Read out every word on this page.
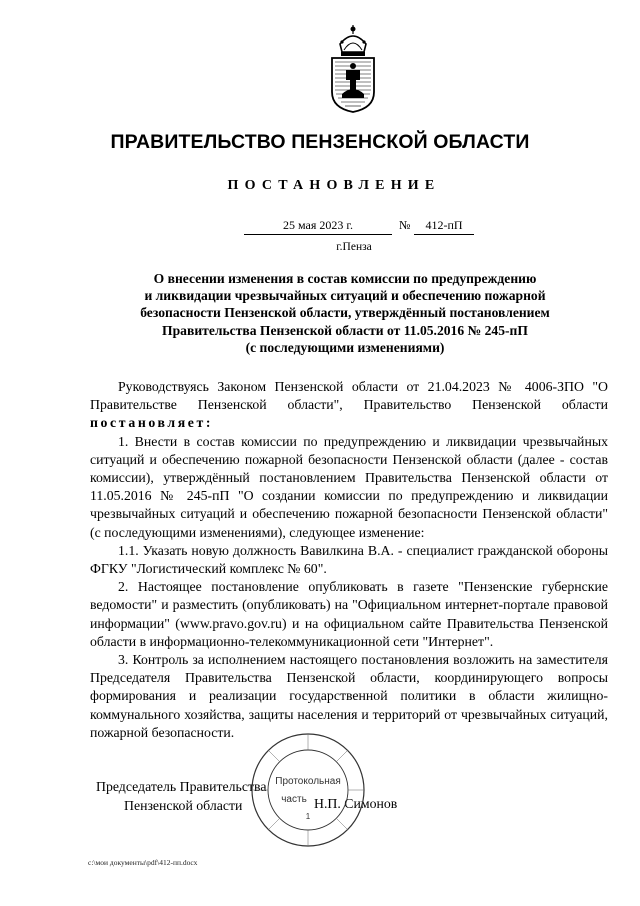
ПРАВИТЕЛЬСТВО ПЕНЗЕНСКОЙ ОБЛАСТИ
ПОСТАНОВЛЕНИЕ
25 мая 2023 г.	№	412-пП
г.Пенза
О внесении изменения в состав комиссии по предупреждению
и ликвидации чрезвычайных ситуаций и обеспечению пожарной
безопасности Пензенской области, утверждённый постановлением
Правительства Пензенской области от 11.05.2016 № 245-пП
(с последующими изменениями)

Руководствуясь Законом Пензенской области от 21.04.2023 № 4006-ЗПО "О Правительстве Пензенской области", Правительство Пензенской области постановляет:

1. Внести в состав комиссии по предупреждению и ликвидации чрезвычайных ситуаций и обеспечению пожарной безопасности Пензенской области (далее - состав комиссии), утверждённый постановлением Правительства Пензенской области от 11.05.2016 № 245-пП "О создании комиссии по предупреждению и ликвидации чрезвычайных ситуаций и обеспечению пожарной безопасности Пензенской области" (с последующими изменениями), следующее изменение:

1.1. Указать новую должность Вавилкина В.А. - специалист гражданской обороны ФГКУ "Логистический комплекс № 60".

2. Настоящее постановление опубликовать в газете "Пензенские губернские ведомости" и разместить (опубликовать) на "Официальном интернет-портале правовой информации" (www.pravo.gov.ru) и на официальном сайте Правительства Пензенской области в информационно-телекоммуникационной сети "Интернет".

3. Контроль за исполнением настоящего постановления возложить на заместителя Председателя Правительства Пензенской области, координирующего вопросы формирования и реализации государственной политики в области жилищно-коммунального хозяйства, защиты населения и территорий от чрезвычайных ситуаций, пожарной безопасности.

Председатель Правительства
Пензенской области	Н.П. Симонов
Протокольная
часть
1
c:\мои документы\pdf\412-пп.docx
